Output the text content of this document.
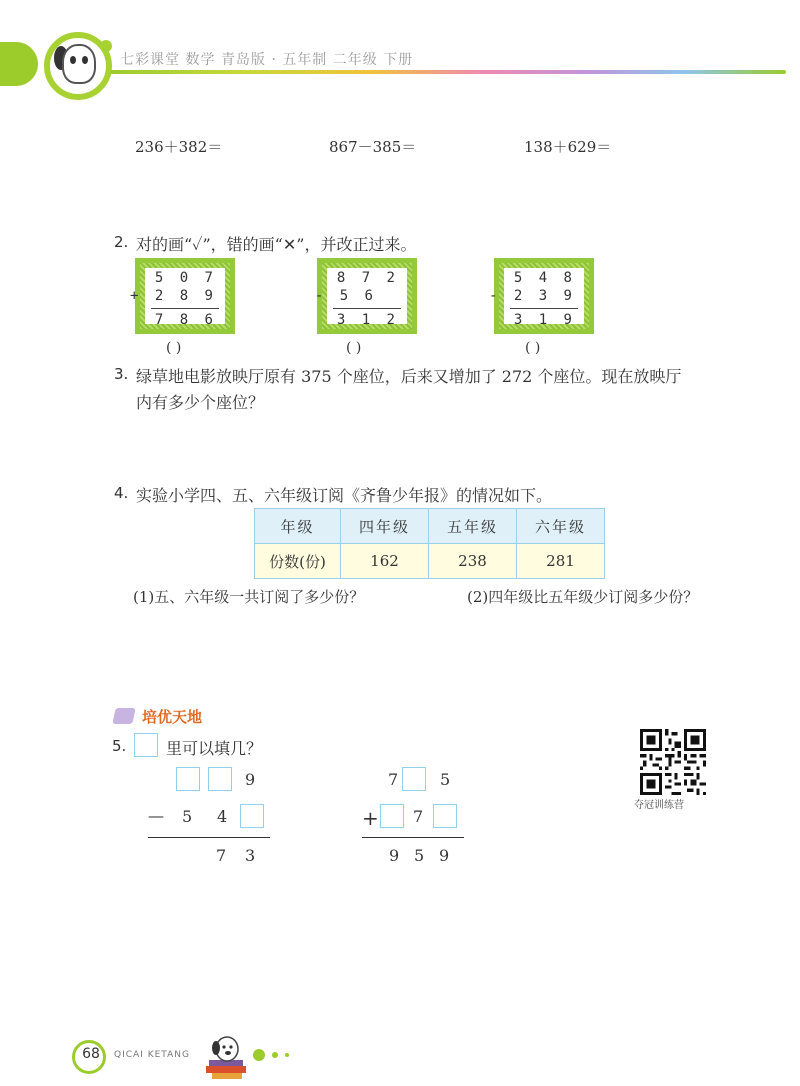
七彩课堂 数学 青岛版 · 五年制 二年级 下册
236＋382＝	867－385＝	138＋629＝
2. 对的画“✓”，错的画“✕”，并改正过来。
5 0 7
+ 2 8 9
7 8 6
8 7 2
- 5 6
3 1 2
5 4 8
- 2 3 9
3 1 9
( )	( )	( )
3. 绿草地电影放映厅原有 375 个座位，后来又增加了 272 个座位。现在放映厅
内有多少个座位？
4. 实验小学四、五、六年级订阅《齐鲁少年报》的情况如下。
年级	四年级	五年级	六年级
份数(份)	162	238	281
(1)五、六年级一共订阅了多少份？	(2)四年级比五年级少订阅多少份？
培优天地
5. 里可以填几？
9
— 5 4
7 3
7	5
+ 7
9 5 9
夺冠训练营
68	QICAI KETANG
